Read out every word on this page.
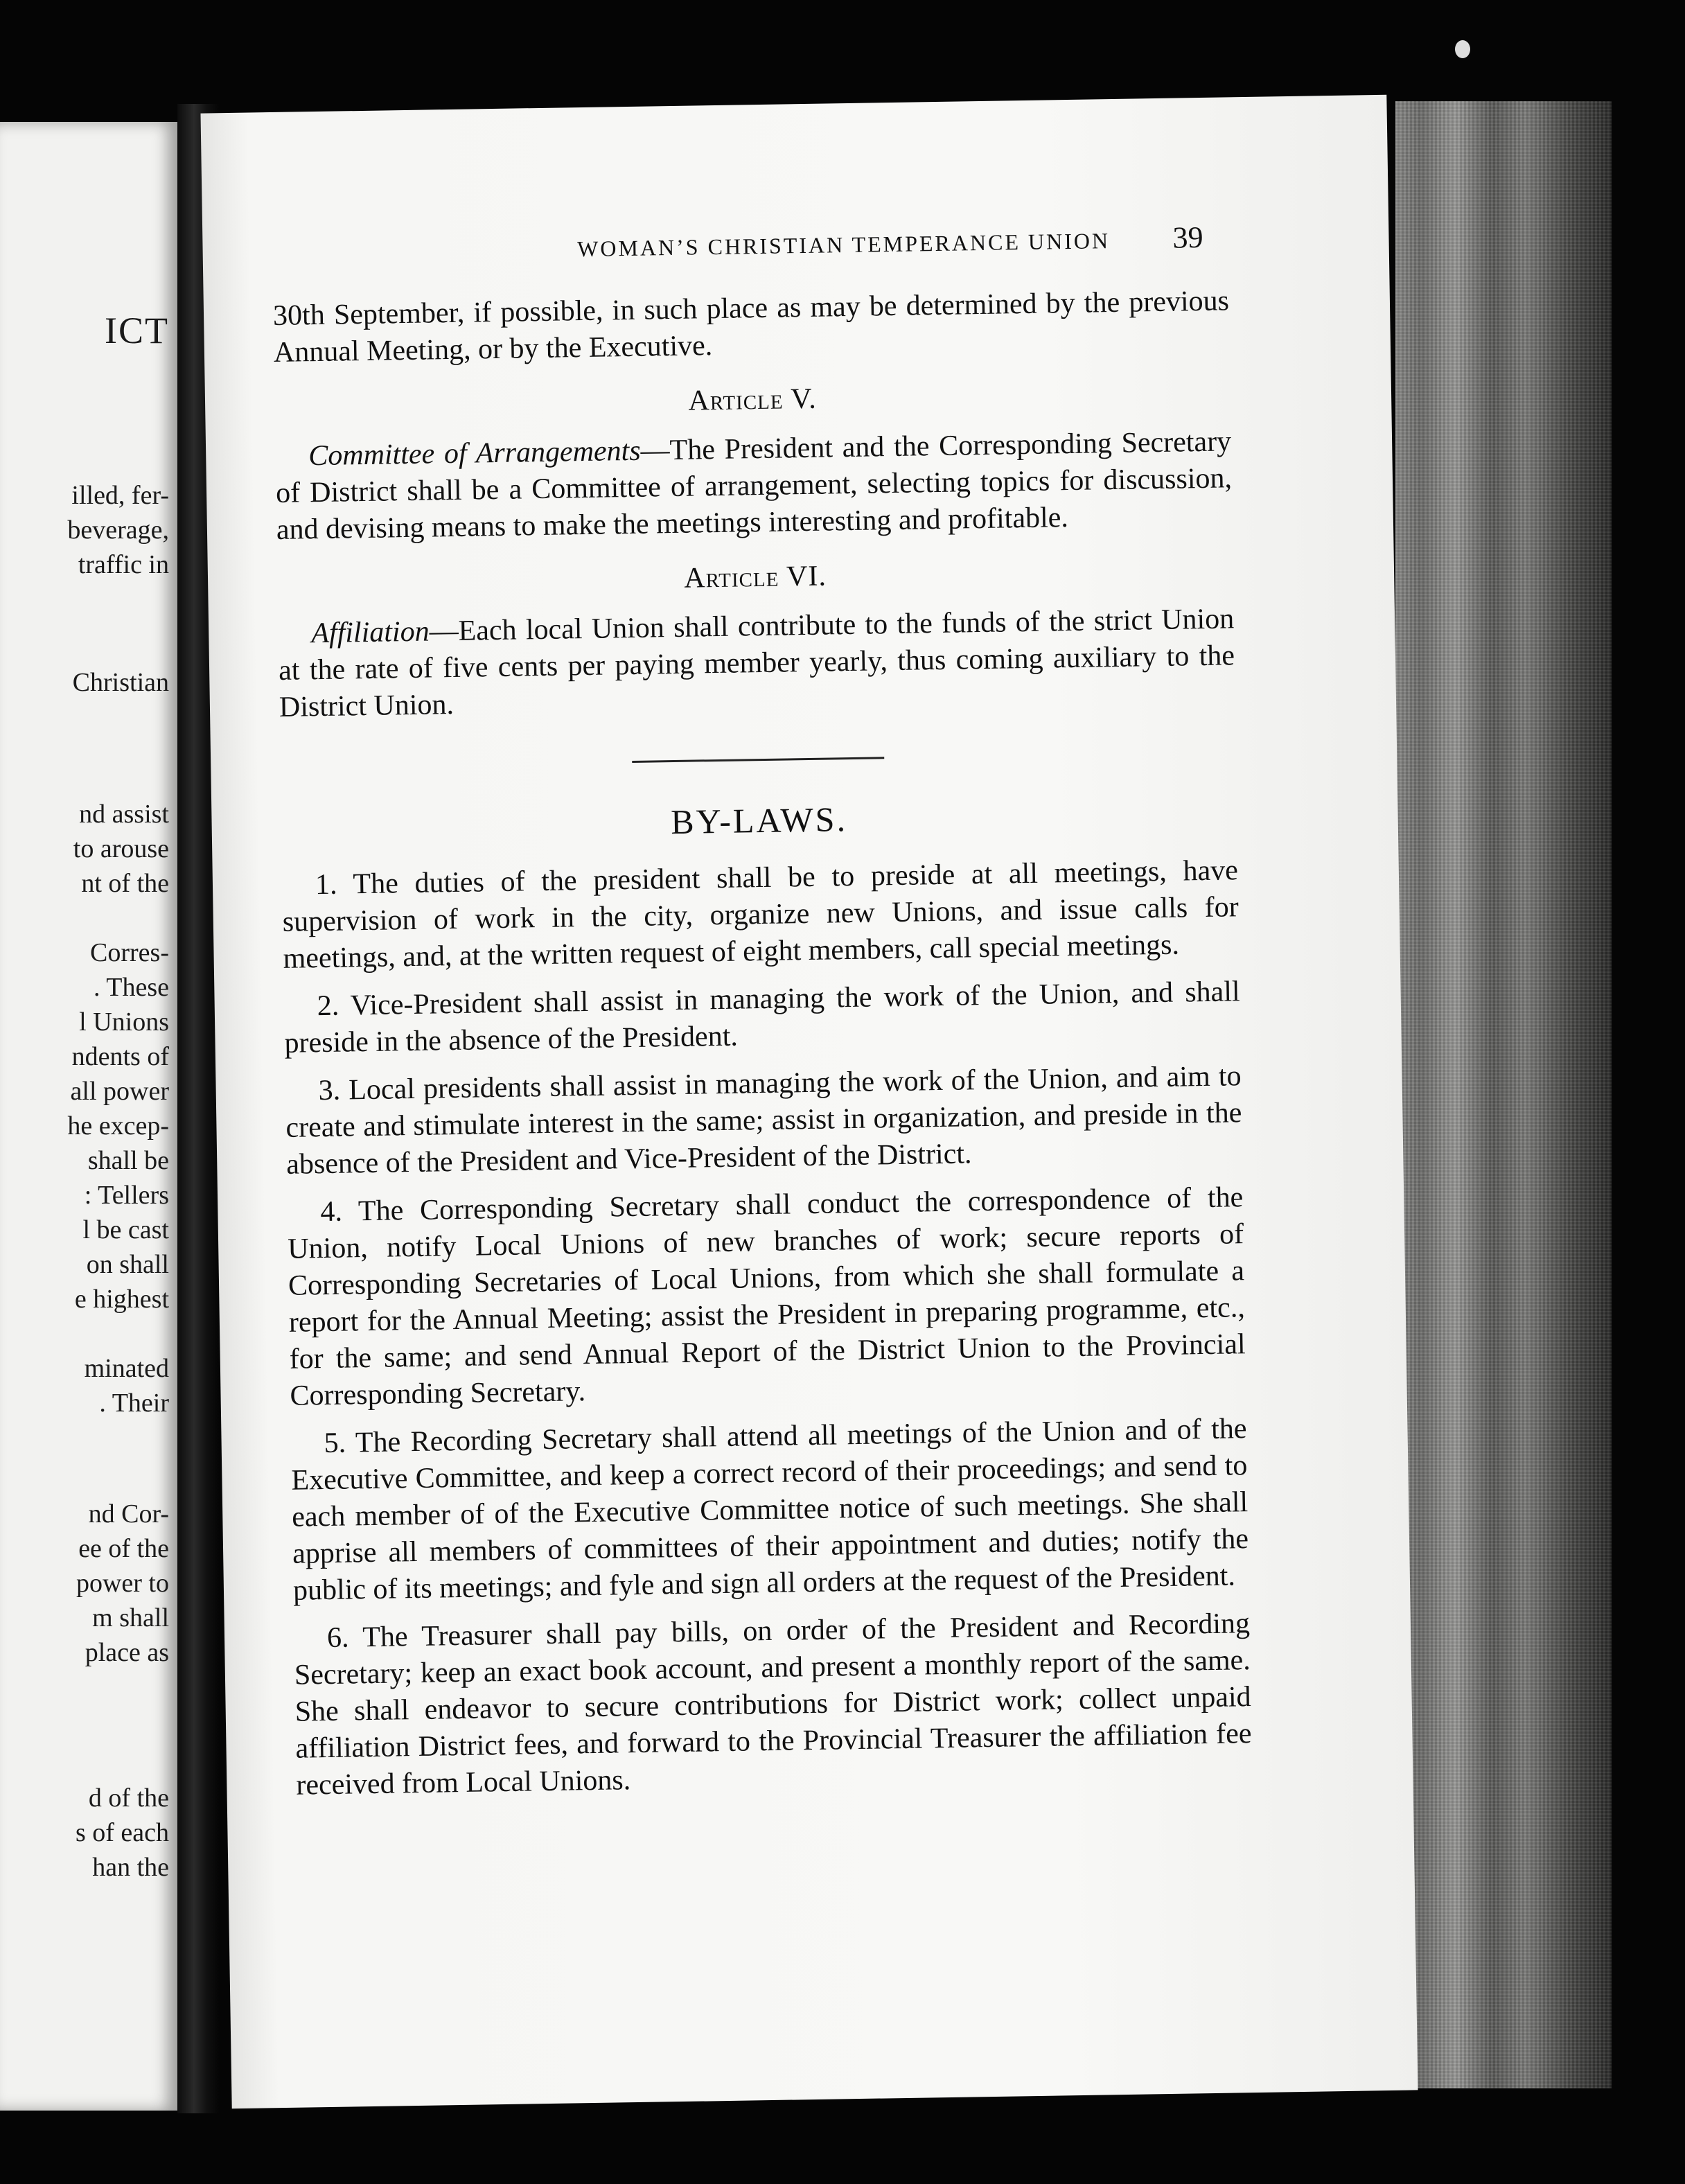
ICT
illed, fer-
beverage,
traffic in
Christian
nd assist
to arouse
nt of the
Corres-
. These
l Unions
ndents of
all power
he excep-
shall be
: Tellers
l be cast
on shall
e highest
minated
. Their
nd Cor-
ee of the
power to
m shall
place as
d of the
s of each
han the
WOMAN’S CHRISTIAN TEMPERANCE UNION	39

30th September, if possible, in such place as may be determined by the previous Annual Meeting, or by the Executive.

Article V.

Committee of Arrangements—The President and the Corresponding Secretary of District shall be a Committee of arrangement, selecting topics for discussion, and devising means to make the meetings interesting and profitable.

Article VI.

Affiliation—Each local Union shall contribute to the funds of the strict Union at the rate of five cents per paying member yearly, thus coming auxiliary to the District Union.

BY-LAWS.

1. The duties of the president shall be to preside at all meetings, have supervision of work in the city, organize new Unions, and issue calls for meetings, and, at the written request of eight members, call special meetings.

2. Vice-President shall assist in managing the work of the Union, and shall preside in the absence of the President.

3. Local presidents shall assist in managing the work of the Union, and aim to create and stimulate interest in the same; assist in organization, and preside in the absence of the President and Vice-President of the District.

4. The Corresponding Secretary shall conduct the correspondence of the Union, notify Local Unions of new branches of work; secure reports of Corresponding Secretaries of Local Unions, from which she shall formulate a report for the Annual Meeting; assist the President in preparing programme, etc., for the same; and send Annual Report of the District Union to the Provincial Corresponding Secretary.

5. The Recording Secretary shall attend all meetings of the Union and of the Executive Committee, and keep a correct record of their proceedings; and send to each member of of the Executive Committee notice of such meetings. She shall apprise all members of committees of their appointment and duties; notify the public of its meetings; and fyle and sign all orders at the request of the President.

6. The Treasurer shall pay bills, on order of the President and Recording Secretary; keep an exact book account, and present a monthly report of the same. She shall endeavor to secure contributions for District work; collect unpaid affiliation District fees, and forward to the Provincial Treasurer the affiliation fee received from Local Unions.
